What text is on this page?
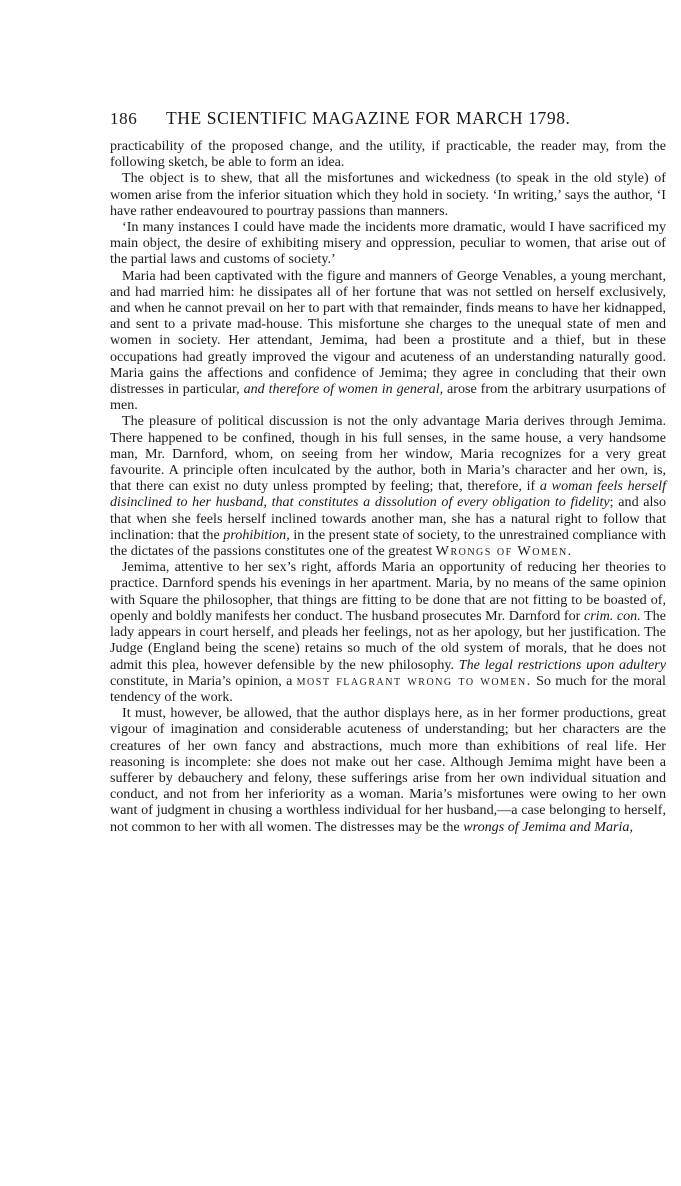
186	THE SCIENTIFIC MAGAZINE FOR MARCH 1798.

practicability of the proposed change, and the utility, if practicable, the reader may, from the following sketch, be able to form an idea.

The object is to shew, that all the misfortunes and wickedness (to speak in the old style) of women arise from the inferior situation which they hold in society. ‘In writing,’ says the author, ‘I have rather endeavoured to pourtray passions than manners.

‘In many instances I could have made the incidents more dramatic, would I have sacrificed my main object, the desire of exhibiting misery and oppression, peculiar to women, that arise out of the partial laws and customs of society.’

Maria had been captivated with the figure and manners of George Venables, a young merchant, and had married him: he dissipates all of her fortune that was not settled on herself exclusively, and when he cannot prevail on her to part with that remainder, finds means to have her kidnapped, and sent to a private mad-house. This misfortune she charges to the unequal state of men and women in society. Her attendant, Jemima, had been a prostitute and a thief, but in these occupations had greatly improved the vigour and acuteness of an understanding naturally good. Maria gains the affections and confidence of Jemima; they agree in concluding that their own distresses in particular, and therefore of women in general, arose from the arbitrary usurpations of men.

The pleasure of political discussion is not the only advantage Maria derives through Jemima. There happened to be confined, though in his full senses, in the same house, a very handsome man, Mr. Darnford, whom, on seeing from her window, Maria recognizes for a very great favourite. A principle often inculcated by the author, both in Maria’s character and her own, is, that there can exist no duty unless prompted by feeling; that, therefore, if a woman feels herself disinclined to her husband, that constitutes a dissolution of every obligation to fidelity; and also that when she feels herself inclined towards another man, she has a natural right to follow that inclination: that the prohibition, in the present state of society, to the unrestrained compliance with the dictates of the passions constitutes one of the greatest Wrongs of Women.

Jemima, attentive to her sex’s right, affords Maria an opportunity of reducing her theories to practice. Darnford spends his evenings in her apartment. Maria, by no means of the same opinion with Square the philosopher, that things are fitting to be done that are not fitting to be boasted of, openly and boldly manifests her conduct. The husband prosecutes Mr. Darnford for crim. con. The lady appears in court herself, and pleads her feelings, not as her apology, but her justification. The Judge (England being the scene) retains so much of the old system of morals, that he does not admit this plea, however defensible by the new philosophy. The legal restrictions upon adultery constitute, in Maria’s opinion, a most flagrant wrong to women. So much for the moral tendency of the work.

It must, however, be allowed, that the author displays here, as in her former productions, great vigour of imagination and considerable acuteness of understanding; but her characters are the creatures of her own fancy and abstractions, much more than exhibitions of real life. Her reasoning is incomplete: she does not make out her case. Although Jemima might have been a sufferer by debauchery and felony, these sufferings arise from her own individual situation and conduct, and not from her inferiority as a woman. Maria’s misfortunes were owing to her own want of judgment in chusing a worthless individual for her husband,—a case belonging to herself, not common to her with all women. The distresses may be the wrongs of Jemima and Maria,
